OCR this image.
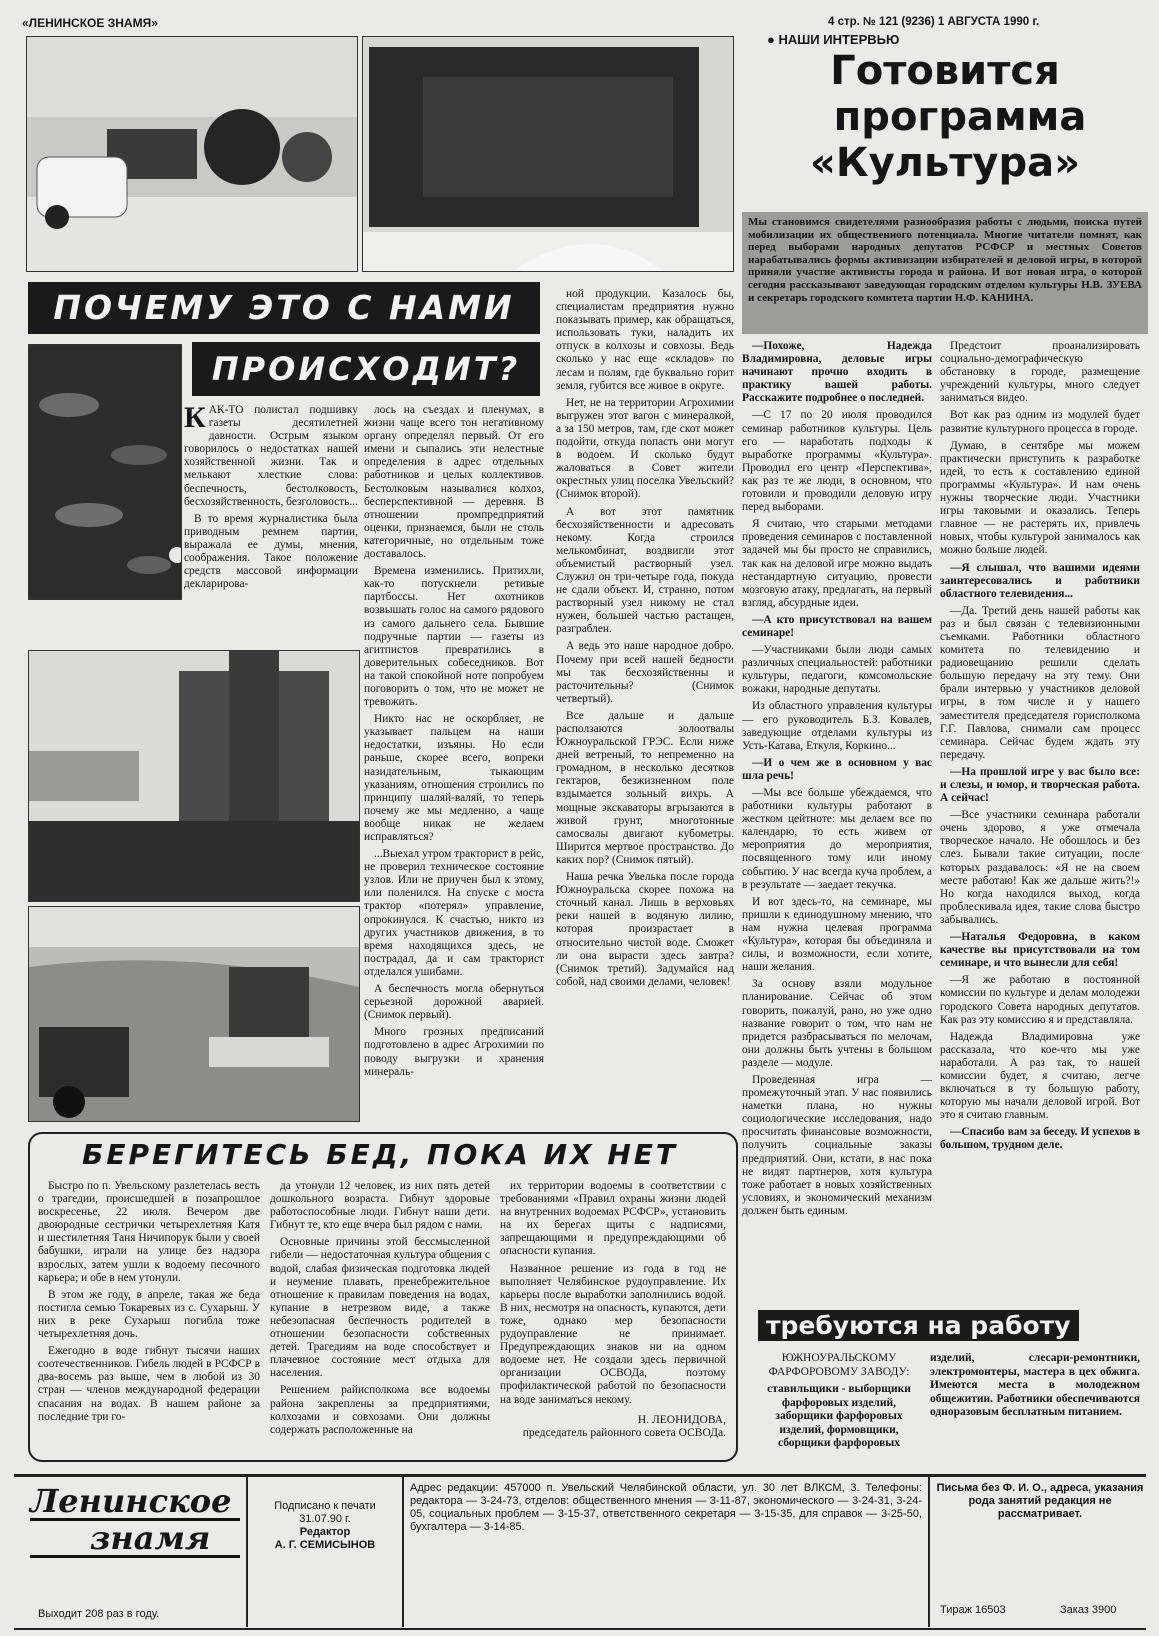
«ЛЕНИНСКОЕ ЗНАМЯ»	4 стр. № 121 (9236) 1 АВГУСТА 1990 г.
● НАШИ ИНТЕРВЬЮ
Готовится
программа
«Культура»
Мы становимся свидетелями разнообразия работы с людьми, поиска путей мобилизации их общественного потенциала. Многие читатели помнят, как перед выборами народных депутатов РСФСР и местных Советов нарабатывались формы активизации избирателей и деловой игры, в которой приняли участие активисты города и района. И вот новая игра, о которой сегодня рассказывают заведующая городским отделом культуры Н.В. ЗУЕВА и секретарь городского комитета партии Н.Ф. КАНИНА.

—Похоже, Надежда Владимировна, деловые игры начинают прочно входить в практику вашей работы. Расскажите подробнее о последней.

—С 17 по 20 июля проводился семинар работников культуры. Цель его — наработать подходы к выработке программы «Культура». Проводил его центр «Перспектива», как раз те же люди, в основном, что готовили и проводили деловую игру перед выборами.

Я считаю, что старыми методами проведения семинаров с поставленной задачей мы бы просто не справились, так как на деловой игре можно выдать нестандартную ситуацию, провести мозговую атаку, предлагать, на первый взгляд, абсурдные идеи.

—А кто присутствовал на вашем семинаре!

—Участниками были люди самых различных специальностей: работники культуры, педагоги, комсомольские вожаки, народные депутаты.

Из областного управления культуры — его руководитель Б.З. Ковалев, заведующие отделами культуры из Усть-Катава, Еткуля, Коркино...

—И о чем же в основном у вас шла речь!

—Мы все больше убеждаемся, что работники культуры работают в жестком цейтноте: мы делаем все по календарю, то есть живем от мероприятия до мероприятия, посвященного тому или иному событию. У нас всегда куча проблем, а в результате — заедает текучка.

И вот здесь-то, на семинаре, мы пришли к единодушному мнению, что нам нужна целевая программа «Культура», которая бы объединяла и силы, и возможности, если хотите, наши желания.

За основу взяли модульное планирование. Сейчас об этом говорить, пожалуй, рано, но уже одно название говорит о том, что нам не придется разбрасываться по мелочам, они должны быть учтены в большом разделе — модуле.

Проведенная игра — промежуточный этап. У нас появились наметки плана, но нужны социологические исследования, надо просчитать финансовые возможности, получить социальные заказы предприятий. Они, кстати, в нас пока не видят партнеров, хотя культура тоже работает в новых хозяйственных условиях, и экономический механизм должен быть единым.

Предстоит проанализировать социально-демографическую обстановку в городе, размещение учреждений культуры, много следует заниматься видео.

Вот как раз одним из модулей будет развитие культурного процесса в городе.

Думаю, в сентябре мы можем практически приступить к разработке идей, то есть к составлению единой программы «Культура». И нам очень нужны творческие люди. Участники игры таковыми и оказались. Теперь главное — не растерять их, привлечь новых, чтобы культурой занималось как можно больше людей.

—Я слышал, что вашими идеями заинтересовались и работники областного телевидения...

—Да. Третий день нашей работы как раз и был связан с телевизионными съемками. Работники областного комитета по телевидению и радиовещанию решили сделать большую передачу на эту тему. Они брали интервью у участников деловой игры, в том числе и у нашего заместителя председателя горисполкома Г.Г. Павлова, снимали сам процесс семинара. Сейчас будем ждать эту передачу.

—На прошлой игре у вас было все: и слезы, и юмор, и творческая работа. А сейчас!

—Все участники семинара работали очень здорово, я уже отмечала творческое начало. Не обошлось и без слез. Бывали такие ситуации, после которых раздавалось: «Я не на своем месте работаю! Как же дальше жить?!» Но когда находился выход, когда проблескивала идея, такие слова быстро забывались.

—Наталья Федоровна, в каком качестве вы присутствовали на том семинаре, и что вынесли для себя!

—Я же работаю в постоянной комиссии по культуре и делам молодежи городского Совета народных депутатов. Как раз эту комиссию я и представляла.

Надежда Владимировна уже рассказала, что кое-что мы уже наработали. А раз так, то нашей комиссии будет, я считаю, легче включаться в ту большую работу, которую мы начали деловой игрой. Вот это я считаю главным.

—Спасибо вам за беседу. И успехов в большом, трудном деле.

ПОЧЕМУ ЭТО С НАМИ
ПРОИСХОДИТ?
К АК-ТО полистал подшивку газеты десятилетней давности. Острым языком говорилось о недостатках нашей хозяйственной жизни. Так и мелькают хлесткие слова: беспечность, бестолковость, бесхозяйственность, безголовость...

В то время журналистика была приводным ремнем партии, выражала ее думы, мнения, соображения. Такое положение средств массовой информации декларирова-

лось на съездах и пленумах, в жизни чаще всего тон негативному органу определял первый. От его имени и сыпались эти нелестные определения в адрес отдельных работников и целых коллективов. Бестолковым называлися колхоз, бесперспективной — деревня. В отношении промпредприятий оценки, признаемся, были не столь категоричные, но отдельным тоже доставалось.

Времена изменились. Притихли, как-то потускнели ретивые партбоссы. Нет охотников возвышать голос на самого рядового из самого дальнего села. Бывшие подручные партии — газеты из агитпистов превратились в доверительных собеседников. Вот на такой спокойной ноте попробуем поговорить о том, что не может не тревожить.

Никто нас не оскорбляет, не указывает пальцем на наши недостатки, изъяны. Но если раньше, скорее всего, вопреки назидательным, тыкающим указаниям, отношения строились по принципу шаляй-валяй, то теперь почему же мы медленно, а чаще вообще никак не желаем исправляться?

...Выехал утром тракторист в рейс, не проверил техническое состояние узлов. Или не приучен был к этому, или поленился. На спуске с моста трактор «потерял» управление, опрокинулся. К счастью, никто из других участников движения, в то время находящихся здесь, не пострадал, да и сам тракторист отделался ушибами.

А беспечность могла обернуться серьезной дорожной аварией. (Снимок первый).

Много грозных предписаний подготовлено в адрес Агрохимии по поводу выгрузки и хранения минераль-

ной продукции. Казалось бы, специалистам предприятия нужно показывать пример, как обращаться, использовать туки, наладить их отпуск в колхозы и совхозы. Ведь сколько у нас еще «складов» по лесам и полям, где буквально горит земля, губится все живое в округе.

Нет, не на территории Агрохимии выгружен этот вагон с минералкой, а за 150 метров, там, где скот может подойти, откуда попасть они могут в водоем. И сколько будут жаловаться в Совет жители окрестных улиц поселка Увельский? (Снимок второй).

А вот этот памятник бесхозяйственности и адресовать некому. Когда строился мелькомбинат, воздвигли этот объемистый растворный узел. Служил он три-четыре года, покуда не сдали объект. И, странно, потом растворный узел никому не стал нужен, большей частью растащен, разграблен.

А ведь это наше народное добро. Почему при всей нашей бедности мы так бесхозяйственны и расточительны? (Снимок четвертый).

Все дальше и дальше расползаются золоотвалы Южноуральской ГРЭС. Если ниже дней ветреный, то непременно на громадном, в несколько десятков гектаров, безжизненном поле вздымается зольный вихрь. А мощные экскаваторы вгрызаются в живой грунт, многотонные самосвалы двигают кубометры. Ширится мертвое пространство. До каких пор? (Снимок пятый).

Наша речка Увелька после города Южноуральска скорее похожа на сточный канал. Лишь в верховьях реки нашей в водяную лилию, которая произрастает в относительно чистой воде. Сможет ли она вырасти здесь завтра? (Снимок третий). Задумайся над собой, над своими делами, человек!

БЕРЕГИТЕСЬ БЕД, ПОКА ИХ НЕТ

Быстро по п. Увельскому разлетелась весть о трагедии, происшедшей в позапрошлое воскресенье, 22 июля. Вечером две двоюродные сестрички четырехлетняя Катя и шестилетняя Таня Ничипорук были у своей бабушки, играли на улице без надзора взрослых, затем ушли к водоему песочного карьера; и обе в нем утонули.

В этом же году, в апреле, такая же беда постигла семью Токаревых из с. Сухарыш. У них в реке Сухарыш погибла тоже четырехлетняя дочь.

Ежегодно в воде гибнут тысячи наших соотечественников. Гибель людей в РСФСР в два-восемь раз выше, чем в любой из 30 стран — членов международной федерации спасания на водах. В нашем районе за последние три го-

да утонули 12 человек, из них пять детей дошкольного возраста. Гибнут здоровые работоспособные люди. Гибнут наши дети. Гибнут те, кто еще вчера был рядом с нами.

Основные причины этой бессмысленной гибели — недостаточная культура общения с водой, слабая физическая подготовка людей и неумение плавать, пренебрежительное отношение к правилам поведения на водах, купание в нетрезвом виде, а также небезопасная беспечность родителей в отношении безопасности собственных детей. Трагедиям на воде способствует и плачевное состояние мест отдыха для населения.

Решением райисполкома все водоемы района закреплены за предприятиями, колхозами и совхозами. Они должны содержать расположенные на

их территории водоемы в соответствии с требованиями «Правил охраны жизни людей на внутренних водоемах РСФСР», установить на их берегах щиты с надписями, запрещающими и предупреждающими об опасности купания.

Названное решение из года в год не выполняет Челябинское рудоуправление. Их карьеры после выработки заполнились водой. В них, несмотря на опасность, купаются, дети тоже, однако мер безопасности рудоуправление не принимает. Предупреждающих знаков ни на одном водоеме нет. Не создали здесь первичной организации ОСВОДа, поэтому профилактической работой по безопасности на воде заниматься некому.

Н. ЛЕОНИДОВА,
председатель районного совета ОСВОДа.
требуются на работу
ЮЖНОУРАЛЬСКОМУ ФАРФОРОВОМУ ЗАВОДУ:
ставильщики - выборщики фарфоровых изделий, заборщики фарфоровых изделий, формовщики, сборщики фарфоровых
изделий, слесари-ремонтники, электромонтеры, мастера в цех обжига. Имеются места в молодежном общежитии. Работники обеспечиваются одноразовым бесплатным питанием.
Ленинское
знамя
Выходит 208 раз в году.
Подписано к печати
31.07.90 г.
Редактор
А. Г. СЕМИСЫНОВ
Адрес редакции: 457000 п. Увельский Челябинской области, ул. 30 лет ВЛКСМ, 3. Телефоны: редактора — 3-24-73, отделов: общественного мнения — 3-11-87, экономического — 3-24-31, 3-24-05, социальных проблем — 3-15-37, ответственного секретаря — 3-15-35, для справок — 3-25-50, бухгалтера — 3-14-85.
Письма без Ф. И. О., адреса, указания рода занятий редакция не рассматривает.
Тираж 16503	Заказ 3900
